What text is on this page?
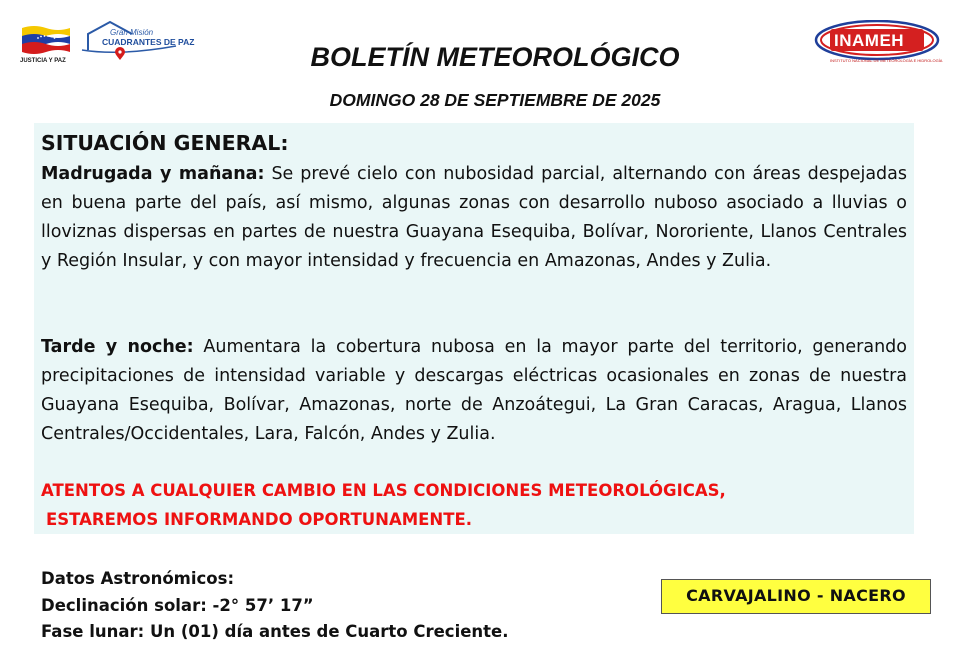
JUSTICIA Y PAZ
Gran Misión
CUADRANTES DE PAZ	INAMEH
INSTITUTO NACIONAL DE METEOROLOGÍA E HIDROLOGÍA
BOLETÍN METEOROLÓGICO
DOMINGO 28 DE SEPTIEMBRE DE 2025
SITUACIÓN GENERAL:
Madrugada y mañana: Se prevé cielo con nubosidad parcial, alternando con áreas despejadas en buena parte del país, así mismo, algunas zonas con desarrollo nuboso asociado a lluvias o lloviznas dispersas en partes de nuestra Guayana Esequiba, Bolívar, Nororiente, Llanos Centrales y Región Insular, y con mayor intensidad y frecuencia en Amazonas, Andes y Zulia.
Tarde y noche: Aumentara la cobertura nubosa en la mayor parte del territorio, generando precipitaciones de intensidad variable y descargas eléctricas ocasionales en zonas de nuestra Guayana Esequiba, Bolívar, Amazonas, norte de Anzoátegui, La Gran Caracas, Aragua, Llanos Centrales/Occidentales, Lara, Falcón, Andes y Zulia.
ATENTOS A CUALQUIER CAMBIO EN LAS CONDICIONES METEOROLÓGICAS,
ESTAREMOS INFORMANDO OPORTUNAMENTE.
Datos Astronómicos:
Declinación solar: -2° 57’ 17”
Fase lunar: Un (01) día antes de Cuarto Creciente.
CARVAJALINO - NACERO
